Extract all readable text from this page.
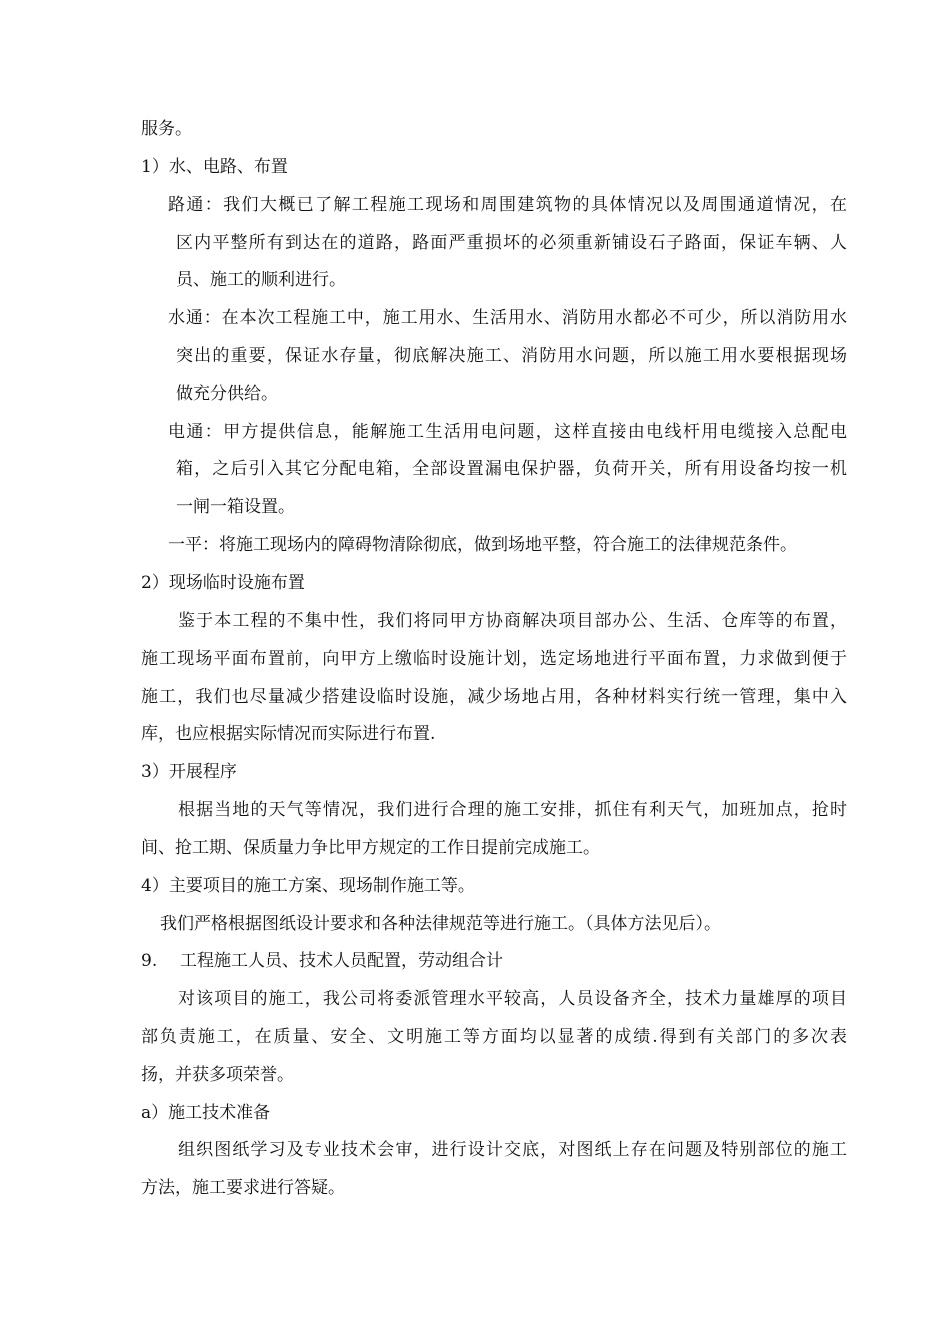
服务。
1）水、电路、布置
路通：我们大概已了解工程施工现场和周围建筑物的具体情况以及周围通道情况，在
区内平整所有到达在的道路，路面严重损坏的必须重新铺设石子路面，保证车辆、人
员、施工的顺利进行。
水通：在本次工程施工中，施工用水、生活用水、消防用水都必不可少，所以消防用水
突出的重要，保证水存量，彻底解决施工、消防用水问题，所以施工用水要根据现场
做充分供给。
电通：甲方提供信息，能解施工生活用电问题，这样直接由电线杆用电缆接入总配电
箱，之后引入其它分配电箱，全部设置漏电保护器，负荷开关，所有用设备均按一机
一闸一箱设置。
一平：将施工现场内的障碍物清除彻底，做到场地平整，符合施工的法律规范条件。
2）现场临时设施布置
鉴于本工程的不集中性，我们将同甲方协商解决项目部办公、生活、仓库等的布置，
施工现场平面布置前，向甲方上缴临时设施计划，选定场地进行平面布置，力求做到便于
施工，我们也尽量减少搭建设临时设施，减少场地占用，各种材料实行统一管理，集中入
库，也应根据实际情况而实际进行布置.
3）开展程序
根据当地的天气等情况，我们进行合理的施工安排，抓住有利天气，加班加点，抢时
间、抢工期、保质量力争比甲方规定的工作日提前完成施工。
4）主要项目的施工方案、现场制作施工等。
我们严格根据图纸设计要求和各种法律规范等进行施工。（具体方法见后）。
9. 工程施工人员、技术人员配置，劳动组合计
对该项目的施工，我公司将委派管理水平较高，人员设备齐全，技术力量雄厚的项目
部负责施工，在质量、安全、文明施工等方面均以显著的成绩.得到有关部门的多次表
扬，并获多项荣誉。
a）施工技术准备
组织图纸学习及专业技术会审，进行设计交底，对图纸上存在问题及特别部位的施工
方法，施工要求进行答疑。
